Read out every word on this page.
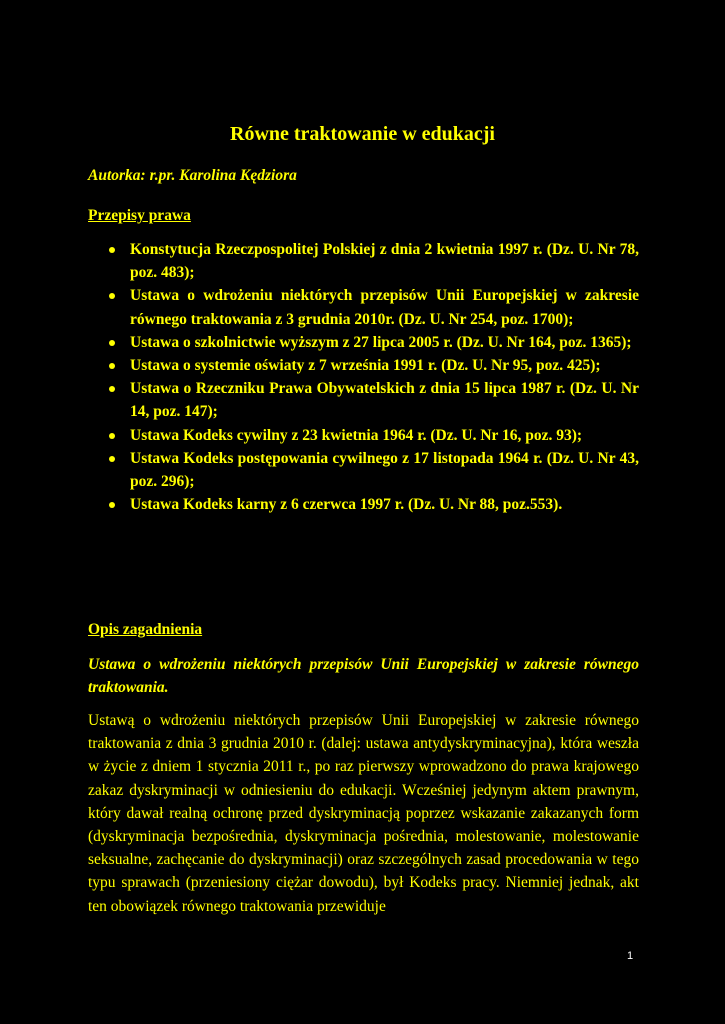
Równe traktowanie w edukacji
Autorka: r.pr. Karolina Kędziora
Przepisy prawa
Konstytucja Rzeczpospolitej Polskiej z dnia 2 kwietnia 1997 r. (Dz. U. Nr 78, poz. 483);
Ustawa o wdrożeniu niektórych przepisów Unii Europejskiej w zakresie równego traktowania z 3 grudnia 2010r. (Dz. U. Nr 254, poz. 1700);
Ustawa o szkolnictwie wyższym z 27 lipca 2005 r. (Dz. U. Nr 164, poz. 1365);
Ustawa o systemie oświaty z 7 września 1991 r. (Dz. U. Nr 95, poz. 425);
Ustawa o Rzeczniku Prawa Obywatelskich z dnia 15 lipca 1987 r. (Dz. U. Nr 14, poz. 147);
Ustawa Kodeks cywilny z 23 kwietnia 1964 r. (Dz. U. Nr 16, poz. 93);
Ustawa Kodeks postępowania cywilnego z 17 listopada 1964 r. (Dz. U. Nr 43, poz. 296);
Ustawa Kodeks karny z 6 czerwca 1997 r. (Dz. U. Nr 88, poz.553).
Opis zagadnienia
Ustawa o wdrożeniu niektórych przepisów Unii Europejskiej w zakresie równego traktowania.
Ustawą o wdrożeniu niektórych przepisów Unii Europejskiej w zakresie równego traktowania z dnia 3 grudnia 2010 r. (dalej: ustawa antydyskryminacyjna), która weszła w życie z dniem 1 stycznia 2011 r., po raz pierwszy wprowadzono do prawa krajowego zakaz dyskryminacji w odniesieniu do edukacji. Wcześniej jedynym aktem prawnym, który dawał realną ochronę przed dyskryminacją poprzez wskazanie zakazanych form (dyskryminacja bezpośrednia, dyskryminacja pośrednia, molestowanie, molestowanie seksualne, zachęcanie do dyskryminacji) oraz szczególnych zasad procedowania w tego typu sprawach (przeniesiony ciężar dowodu), był Kodeks pracy. Niemniej jednak, akt ten obowiązek równego traktowania przewiduje
1
